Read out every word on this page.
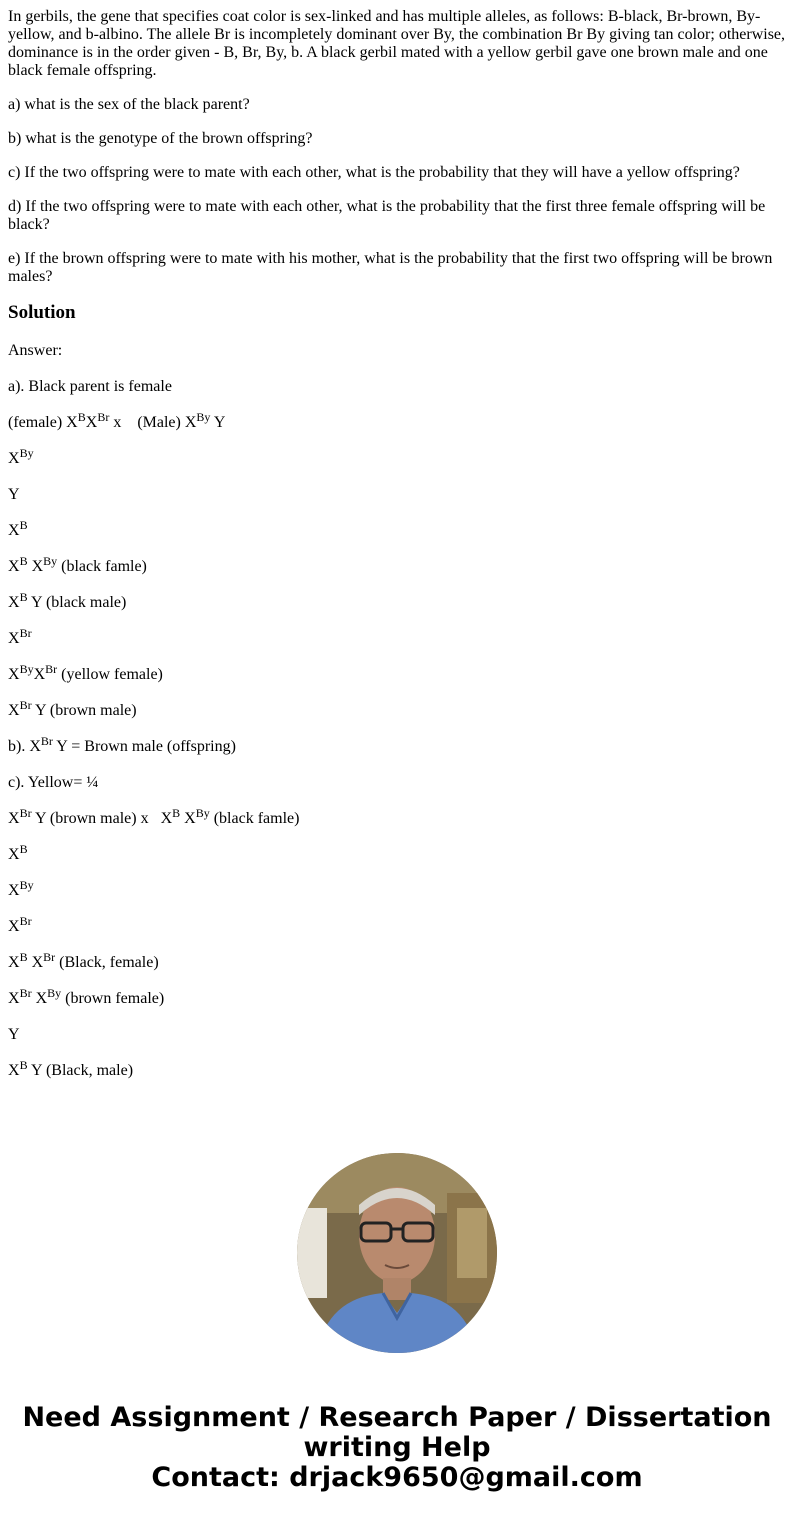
In gerbils, the gene that specifies coat color is sex-linked and has multiple alleles, as follows: B-black, Br-brown, By-yellow, and b-albino. The allele Br is incompletely dominant over By, the combination Br By giving tan color; otherwise, dominance is in the order given - B, Br, By, b. A black gerbil mated with a yellow gerbil gave one brown male and one black female offspring.

a) what is the sex of the black parent?

b) what is the genotype of the brown offspring?

c) If the two offspring were to mate with each other, what is the probability that they will have a yellow offspring?

d) If the two offspring were to mate with each other, what is the probability that the first three female offspring will be black?

e) If the brown offspring were to mate with his mother, what is the probability that the first two offspring will be brown males?

Solution

Answer:

a). Black parent is female

(female) $X^BX^{Br}$ x    (Male) $X^{By}$ Y

$X^{By}$

Y

$X^B$

$X^B$ $X^{By}$ (black famle)

$X^B$ Y (black male)

$X^{Br}$

$X^{By}X^{Br}$ (yellow female)

$X^{Br}$ Y (brown male)

b). $X^{Br}$ Y = Brown male (offspring)

c). Yellow= ¼

$X^{Br}$ Y (brown male) x   $X^B$ $X^{By}$ (black famle)

$X^B$

$X^{By}$

$X^{Br}$

$X^B$ $X^{Br}$ (Black, female)

$X^{Br}$ $X^{By}$ (brown female)

Y

$X^B$ Y (Black, male)

Need Assignment / Research Paper / Dissertation
writing Help
Contact: drjack9650@gmail.com
